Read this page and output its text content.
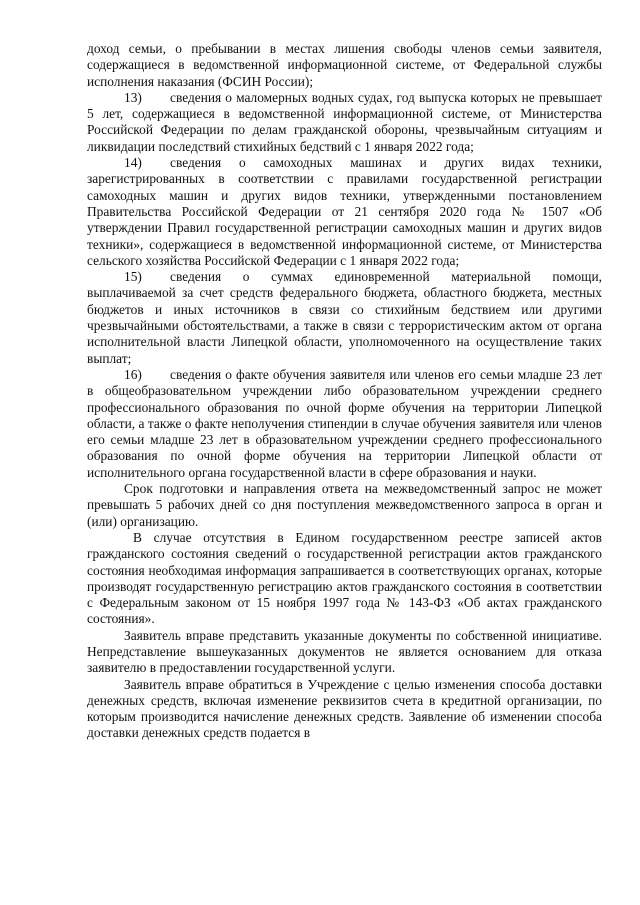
доход семьи, о пребывании в местах лишения свободы членов семьи заявителя, содержащиеся в ведомственной информационной системе, от Федеральной службы исполнения наказания (ФСИН России);

13) сведения о маломерных водных судах, год выпуска которых не превышает 5 лет, содержащиеся в ведомственной информационной системе, от Министерства Российской Федерации по делам гражданской обороны, чрезвычайным ситуациям и ликвидации последствий стихийных бедствий с 1 января 2022 года;

14) сведения о самоходных машинах и других видах техники, зарегистрированных в соответствии с правилами государственной регистрации самоходных машин и других видов техники, утвержденными постановлением Правительства Российской Федерации от 21 сентября 2020 года № 1507 «Об утверждении Правил государственной регистрации самоходных машин и других видов техники», содержащиеся в ведомственной информационной системе, от Министерства сельского хозяйства Российской Федерации с 1 января 2022 года;

15) сведения о суммах единовременной материальной помощи, выплачиваемой за счет средств федерального бюджета, областного бюджета, местных бюджетов и иных источников в связи со стихийным бедствием или другими чрезвычайными обстоятельствами, а также в связи с террористическим актом от органа исполнительной власти Липецкой области, уполномоченного на осуществление таких выплат;

16) сведения о факте обучения заявителя или членов его семьи младше 23 лет в общеобразовательном учреждении либо образовательном учреждении среднего профессионального образования по очной форме обучения на территории Липецкой области, а также о факте неполучения стипендии в случае обучения заявителя или членов его семьи младше 23 лет в образовательном учреждении среднего профессионального образования по очной форме обучения на территории Липецкой области от исполнительного органа государственной власти в сфере образования и науки.

Срок подготовки и направления ответа на межведомственный запрос не может превышать 5 рабочих дней со дня поступления межведомственного запроса в орган и (или) организацию.

В случае отсутствия в Едином государственном реестре записей актов гражданского состояния сведений о государственной регистрации актов гражданского состояния необходимая информация запрашивается в соответствующих органах, которые производят государственную регистрацию актов гражданского состояния в соответствии с Федеральным законом от 15 ноября 1997 года № 143-ФЗ «Об актах гражданского состояния».

Заявитель вправе представить указанные документы по собственной инициативе. Непредставление вышеуказанных документов не является основанием для отказа заявителю в предоставлении государственной услуги.

Заявитель вправе обратиться в Учреждение с целью изменения способа доставки денежных средств, включая изменение реквизитов счета в кредитной организации, по которым производится начисление денежных средств. Заявление об изменении способа доставки денежных средств подается в
